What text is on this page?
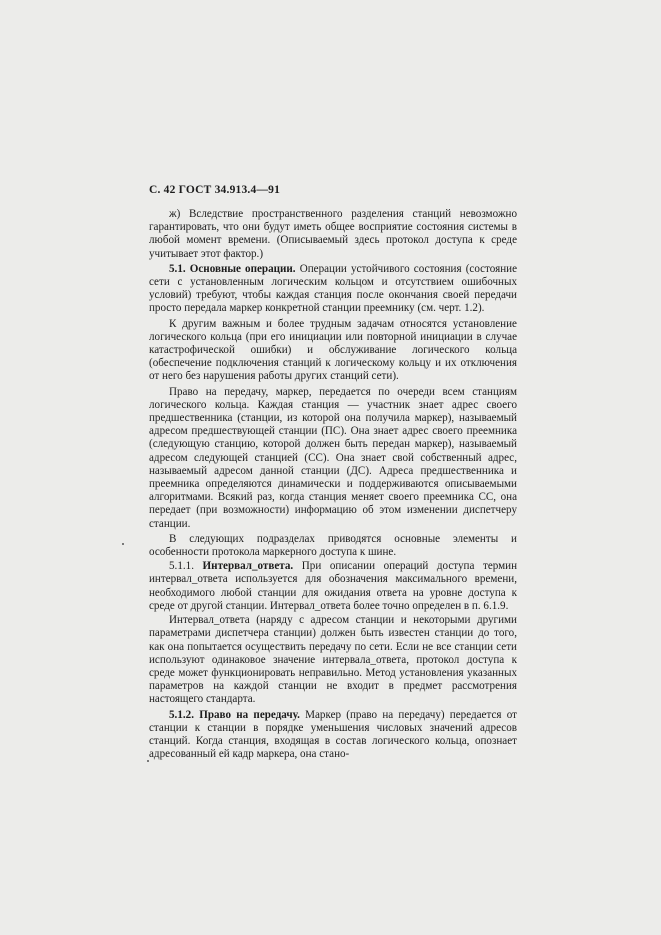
С. 42 ГОСТ 34.913.4—91

ж) Вследствие пространственного разделения станций невозможно гарантировать, что они будут иметь общее восприятие состояния системы в любой момент времени. (Описываемый здесь протокол доступа к среде учитывает этот фактор.)

5.1. Основные операции. Операции устойчивого состояния (состояние сети с установленным логическим кольцом и отсутствием ошибочных условий) требуют, чтобы каждая станция после окончания своей передачи просто передала маркер конкретной станции преемнику (см. черт. 1.2).

К другим важным и более трудным задачам относятся установление логического кольца (при его инициации или повторной инициации в случае катастрофической ошибки) и обслуживание логического кольца (обеспечение подключения станций к логическому кольцу и их отключения от него без нарушения работы других станций сети).

Право на передачу, маркер, передается по очереди всем станциям логического кольца. Каждая станция — участник знает адрес своего предшественника (станции, из которой она получила маркер), называемый адресом предшествующей станции (ПС). Она знает адрес своего преемника (следующую станцию, которой должен быть передан маркер), называемый адресом следующей станцией (СС). Она знает свой собственный адрес, называемый адресом данной станции (ДС). Адреса предшественника и преемника определяются динамически и поддерживаются описываемыми алгоритмами. Всякий раз, когда станция меняет своего преемника СС, она передает (при возможности) информацию об этом изменении диспетчеру станции.

В следующих подразделах приводятся основные элементы и особенности протокола маркерного доступа к шине.

5.1.1. Интервал_ответа. При описании операций доступа термин интервал_ответа используется для обозначения максимального времени, необходимого любой станции для ожидания ответа на уровне доступа к среде от другой станции. Интервал_ответа более точно определен в п. 6.1.9.

Интервал_ответа (наряду с адресом станции и некоторыми другими параметрами диспетчера станции) должен быть известен станции до того, как она попытается осуществить передачу по сети. Если не все станции сети используют одинаковое значение интервала_ответа, протокол доступа к среде может функционировать неправильно. Метод установления указанных параметров на каждой станции не входит в предмет рассмотрения настоящего стандарта.

5.1.2. Право на передачу. Маркер (право на передачу) передается от станции к станции в порядке уменьшения числовых значений адресов станций. Когда станция, входящая в состав логического кольца, опознает адресованный ей кадр маркера, она стано-
